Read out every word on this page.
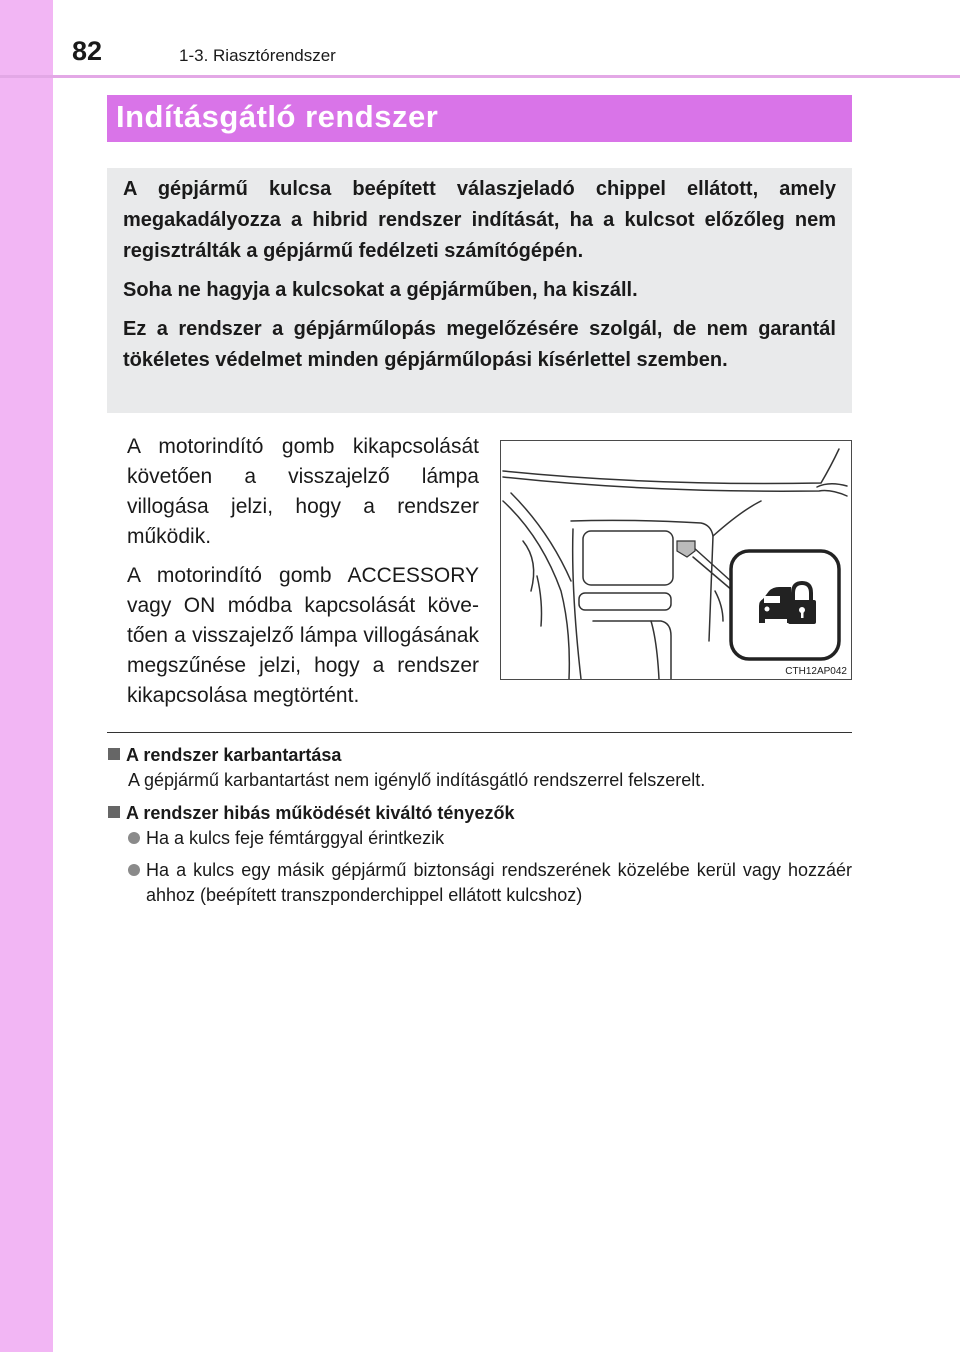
82	1-3. Riasztórendszer
Indításgátló rendszer

A gépjármű kulcsa beépített válaszjeladó chippel ellátott, amely megakadályozza a hibrid rendszer indítását, ha a kulcsot előzőleg nem regisztrálták a gépjármű fedélzeti számítógépén.

Soha ne hagyja a kulcsokat a gépjárműben, ha kiszáll.

Ez a rendszer a gépjárműlopás megelőzésére szolgál, de nem garantál tökéletes védelmet minden gépjárműlopási kísérlettel szemben.

A motorindító gomb kikapcsolását követően a visszajelző lámpa villogása jelzi, hogy a rendszer működik.

A motorindító gomb ACCESSORY vagy ON módba kapcsolását követően a visszajelző lámpa villogásának megszűnése jelzi, hogy a rendszer kikapcsolása megtörtént.

CTH12AP042
A rendszer karbantartása
A gépjármű karbantartást nem igénylő indításgátló rendszerrel felszerelt.
A rendszer hibás működését kiváltó tényezők
Ha a kulcs feje fémtárggyal érintkezik
Ha a kulcs egy másik gépjármű biztonsági rendszerének közelébe kerül vagy hozzáér ahhoz (beépített transzponderchippel ellátott kulcshoz)
